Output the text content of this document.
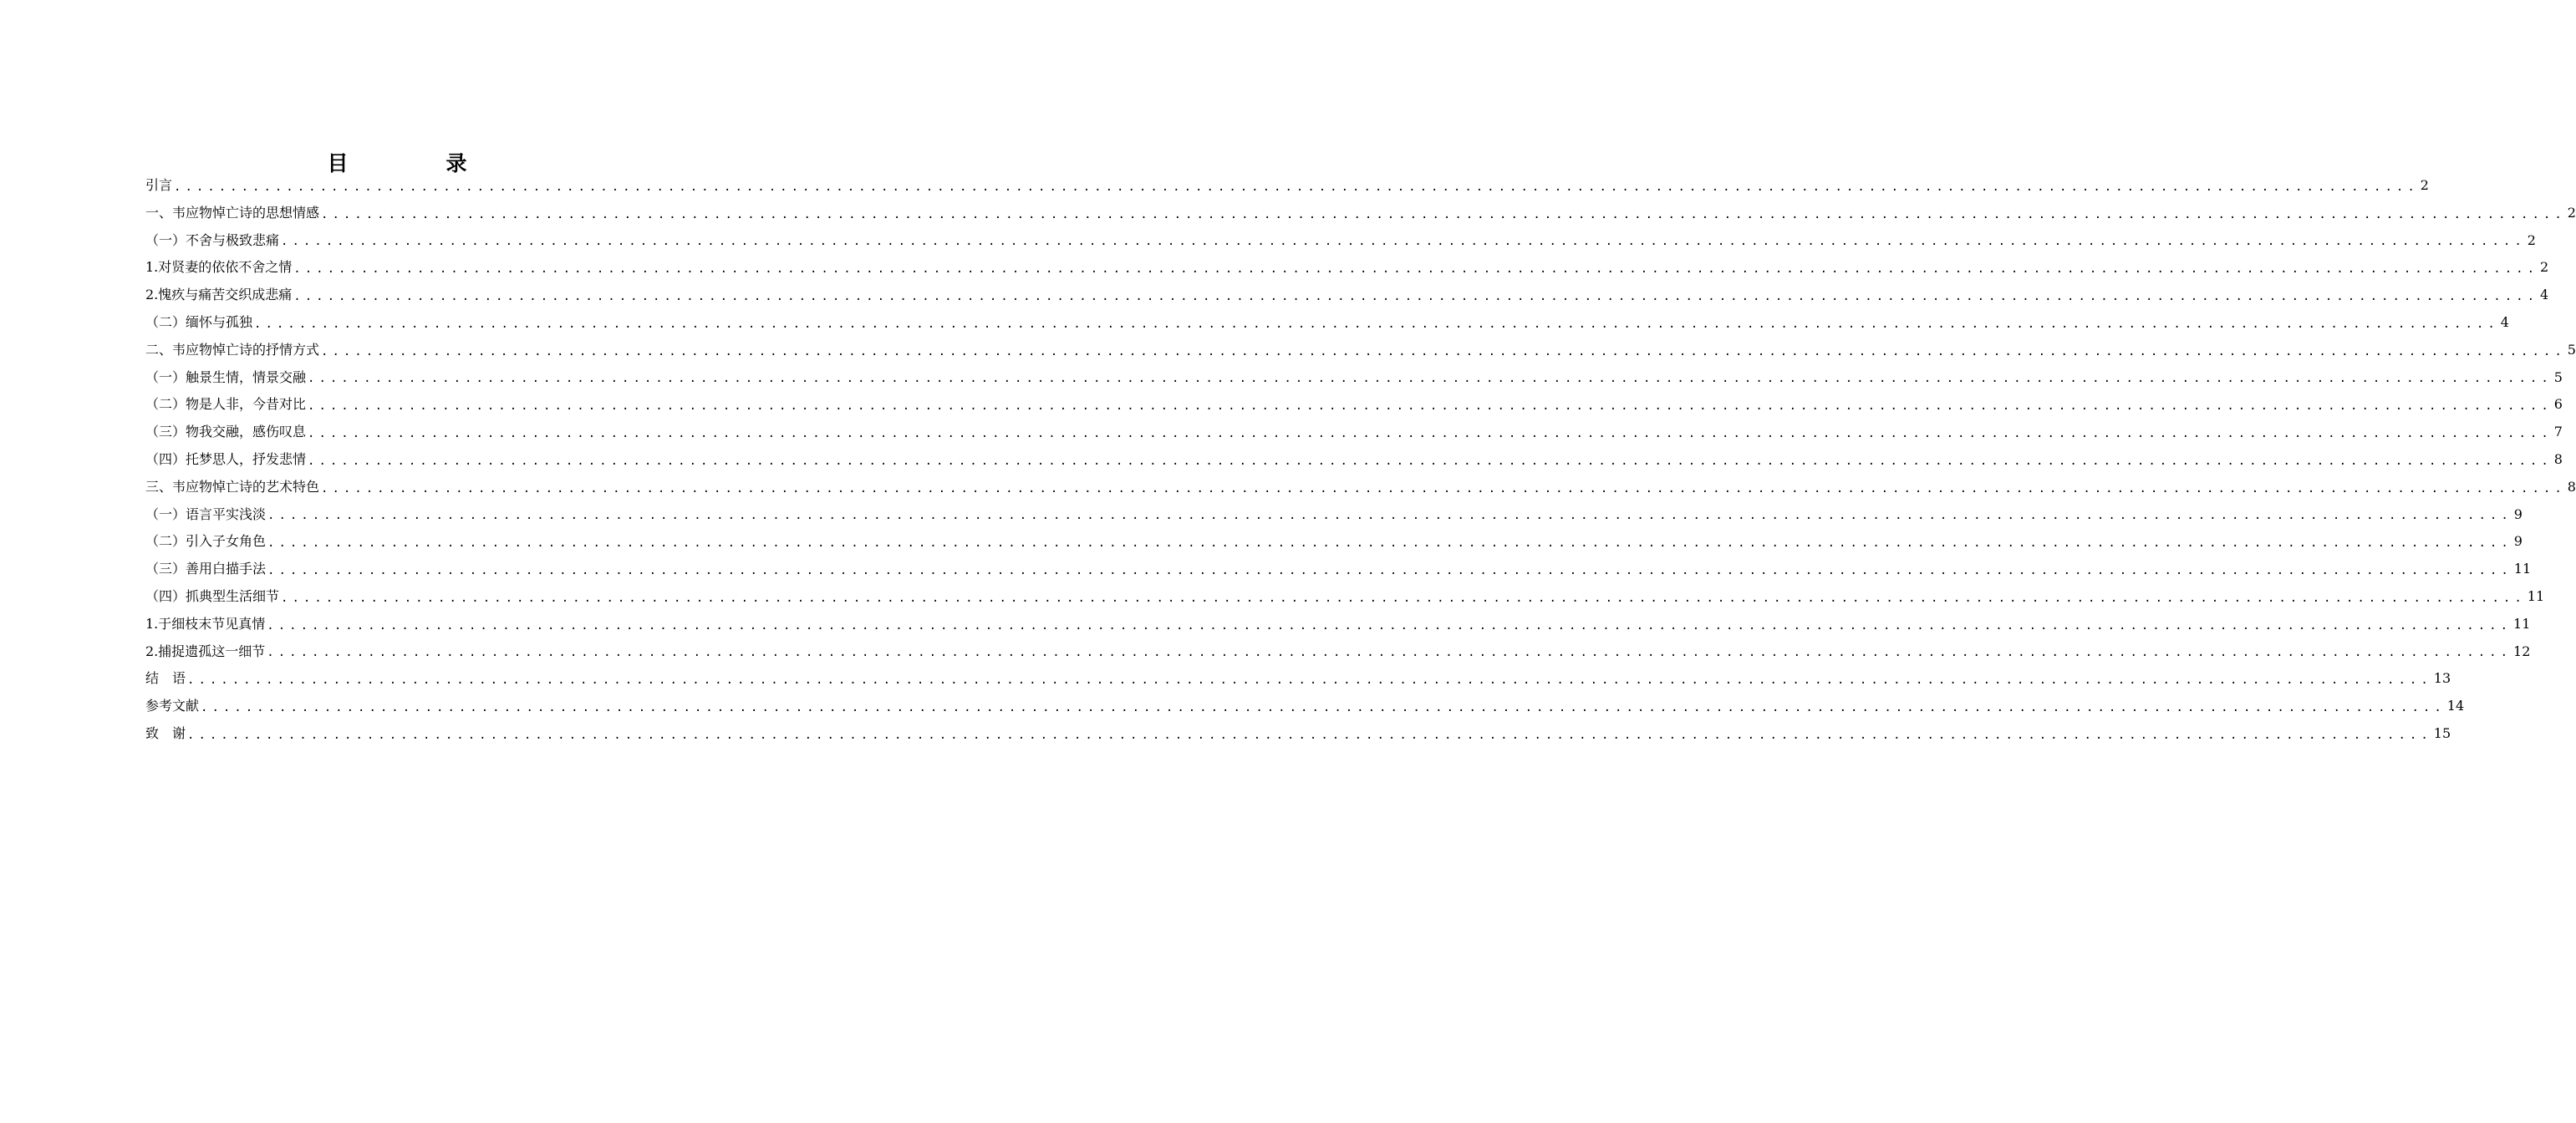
目　录
引言 ........................................................................................................................................................................................................ 2
一、韦应物悼亡诗的思想情感 ........................................................................................................................................................................................................ 2
（一）不舍与极致悲痛 ........................................................................................................................................................................................................ 2
1.对贤妻的依依不舍之情 ........................................................................................................................................................................................................ 2
2.愧疚与痛苦交织成悲痛 ........................................................................................................................................................................................................ 4
（二）缅怀与孤独 ........................................................................................................................................................................................................ 4
二、韦应物悼亡诗的抒情方式 ........................................................................................................................................................................................................ 5
（一）触景生情，情景交融 ........................................................................................................................................................................................................ 5
（二）物是人非，今昔对比 ........................................................................................................................................................................................................ 6
（三）物我交融，感伤叹息 ........................................................................................................................................................................................................ 7
（四）托梦思人，抒发悲情 ........................................................................................................................................................................................................ 8
三、韦应物悼亡诗的艺术特色 ........................................................................................................................................................................................................ 8
（一）语言平实浅淡 ........................................................................................................................................................................................................ 9
（二）引入子女角色 ........................................................................................................................................................................................................ 9
（三）善用白描手法 ........................................................................................................................................................................................................ 11
（四）抓典型生活细节 ........................................................................................................................................................................................................ 11
1.于细枝末节见真情 ........................................................................................................................................................................................................ 11
2.捕捉遗孤这一细节 ........................................................................................................................................................................................................ 12
结　语 ........................................................................................................................................................................................................ 13
参考文献 ........................................................................................................................................................................................................ 14
致　谢 ........................................................................................................................................................................................................ 15
